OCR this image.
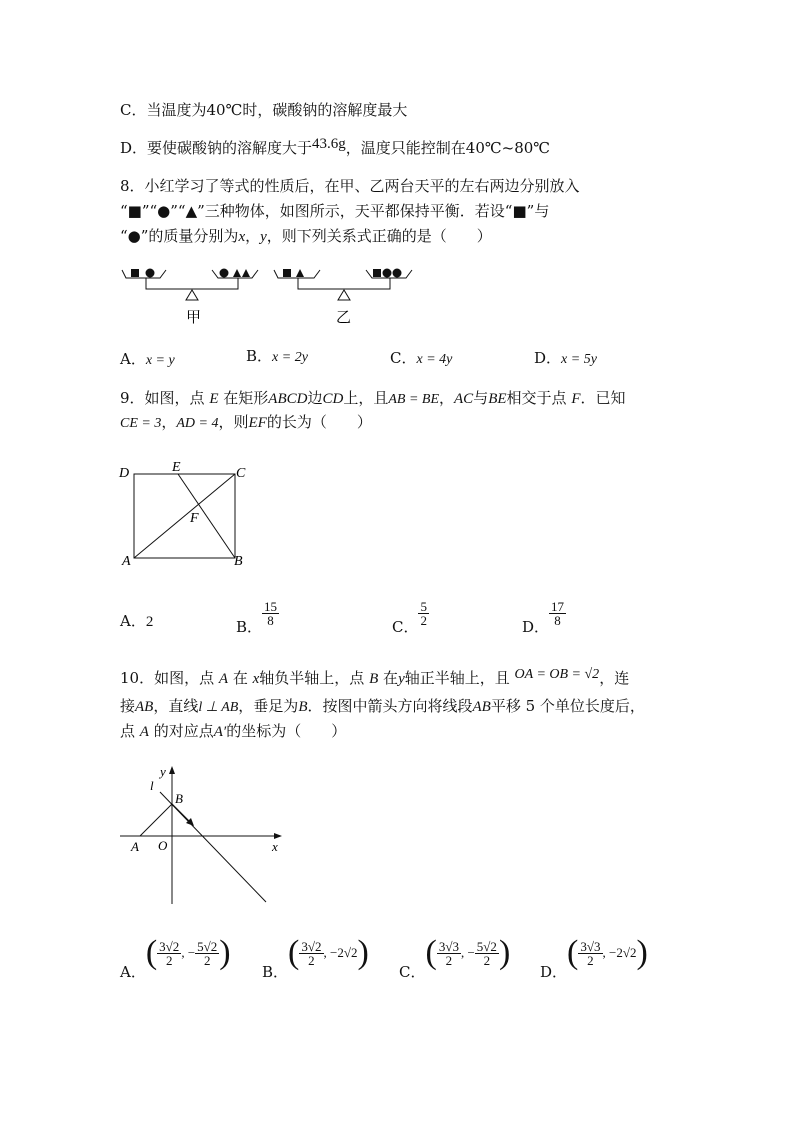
C．当温度为40℃时，碳酸钠的溶解度最大
D．要使碳酸钠的溶解度大于43.6g，温度只能控制在40℃~80℃
8．小红学习了等式的性质后，在甲、乙两台天平的左右两边分别放入
“■”“●”“▲”三种物体，如图所示，天平都保持平衡．若设“■”与
“●”的质量分别为x，y，则下列关系式正确的是（　　）
甲	乙
A．x = y	B．x = 2y	C．x = 4y	D．x = 5y
9．如图，点 E 在矩形ABCD边CD上，且AB = BE，AC与BE相交于点 F．已知
CE = 3，AD = 4，则EF的长为（　　）
D	E	C
F
A	B
A．2	B． $\frac{15}{8}$	C． $\frac{5}{2}$	D． $\frac{17}{8}$
10．如图，点 A 在 x轴负半轴上，点 B 在y轴正半轴上，且 OA = OB = √2，连
接AB，直线l ⊥ AB，垂足为B．按图中箭头方向将线段AB平移 5 个单位长度后，
点 A 的对应点A′的坐标为（　　）
y
l
B
A O	x
A．
( $\frac{3√2}{2}$ , − $\frac{5√2}{2}$ )
B．
( $\frac{3√2}{2}$ , −2√2 )
C．
( $\frac{3√3}{2}$ , − $\frac{5√2}{2}$ )
D．
( $\frac{3√3}{2}$ , −2√2 )
